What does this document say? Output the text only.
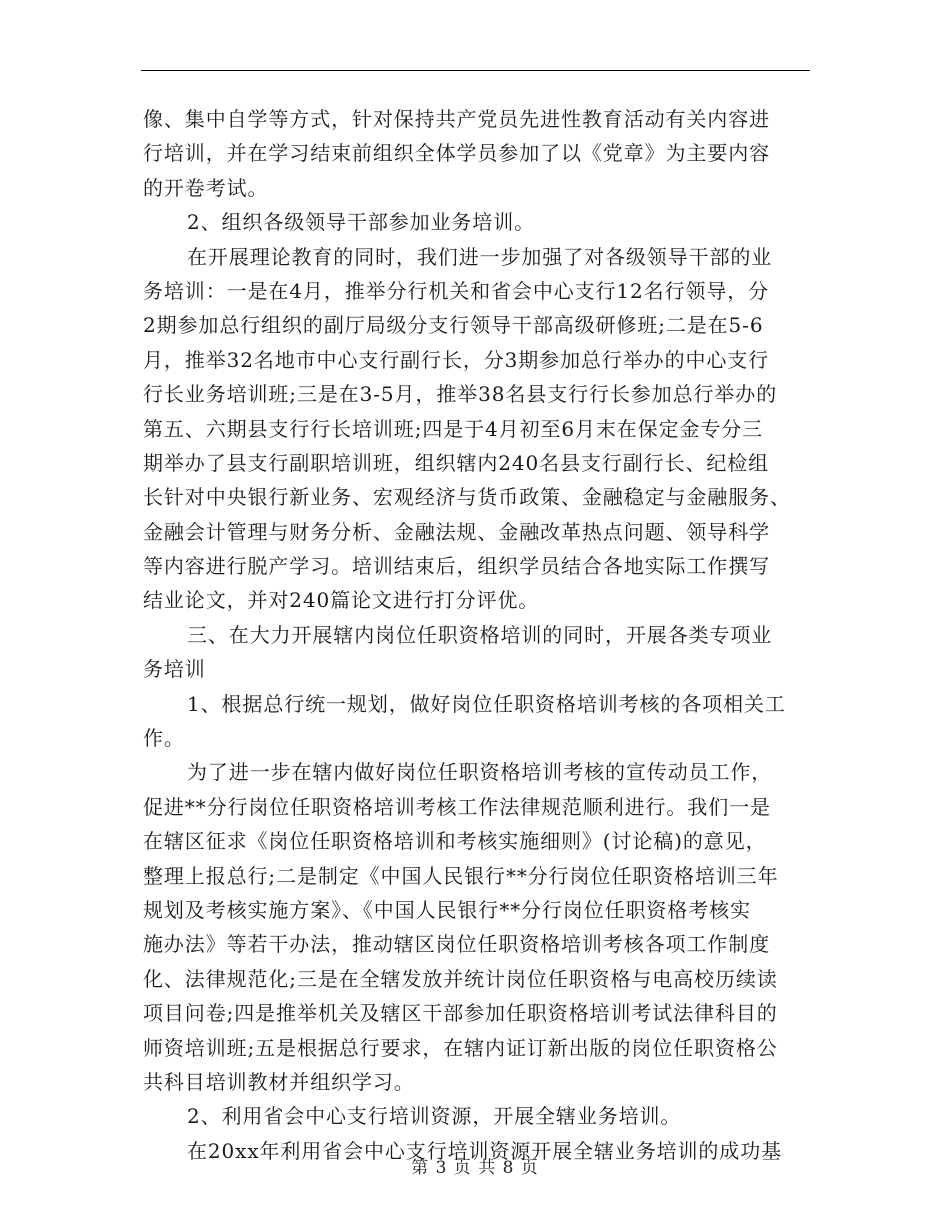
像、集中自学等方式，针对保持共产党员先进性教育活动有关内容进
行培训，并在学习结束前组织全体学员参加了以《党章》为主要内容
的开卷考试。
2、组织各级领导干部参加业务培训。
在开展理论教育的同时，我们进一步加强了对各级领导干部的业
务培训：一是在4月，推举分行机关和省会中心支行12名行领导，分
2期参加总行组织的副厅局级分支行领导干部高级研修班;二是在5-6
月，推举32名地市中心支行副行长，分3期参加总行举办的中心支行
行长业务培训班;三是在3-5月，推举38名县支行行长参加总行举办的
第五、六期县支行行长培训班;四是于4月初至6月末在保定金专分三
期举办了县支行副职培训班，组织辖内240名县支行副行长、纪检组
长针对中央银行新业务、宏观经济与货币政策、金融稳定与金融服务、
金融会计管理与财务分析、金融法规、金融改革热点问题、领导科学
等内容进行脱产学习。培训结束后，组织学员结合各地实际工作撰写
结业论文，并对240篇论文进行打分评优。
三、在大力开展辖内岗位任职资格培训的同时，开展各类专项业
务培训
1、根据总行统一规划，做好岗位任职资格培训考核的各项相关工
作。
为了进一步在辖内做好岗位任职资格培训考核的宣传动员工作，
促进**分行岗位任职资格培训考核工作法律规范顺利进行。我们一是
在辖区征求《岗位任职资格培训和考核实施细则》(讨论稿)的意见，
整理上报总行;二是制定《中国人民银行**分行岗位任职资格培训三年
规划及考核实施方案》、《中国人民银行**分行岗位任职资格考核实
施办法》等若干办法，推动辖区岗位任职资格培训考核各项工作制度
化、法律规范化;三是在全辖发放并统计岗位任职资格与电高校历续读
项目问卷;四是推举机关及辖区干部参加任职资格培训考试法律科目的
师资培训班;五是根据总行要求，在辖内证订新出版的岗位任职资格公
共科目培训教材并组织学习。
2、利用省会中心支行培训资源，开展全辖业务培训。
在20xx年利用省会中心支行培训资源开展全辖业务培训的成功基
第 3 页 共 8 页
